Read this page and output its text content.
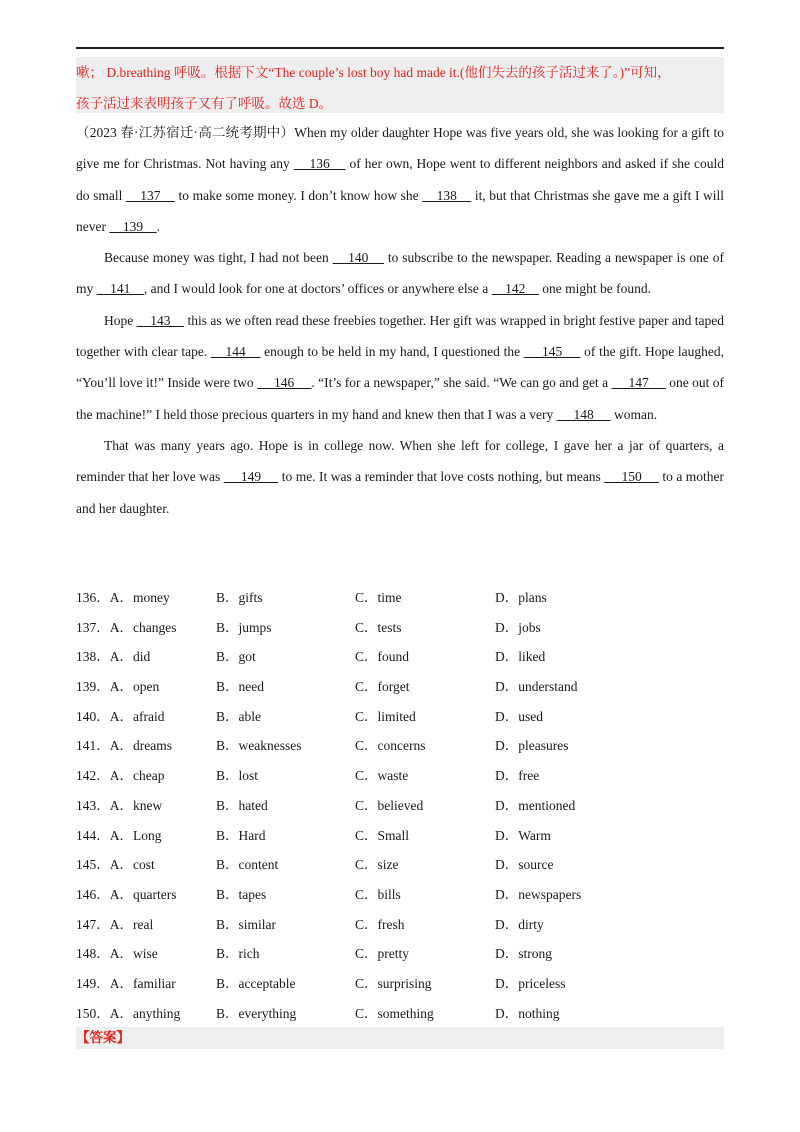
嗽； D.breathing 呼吸。根据下文“The couple’s lost boy had made it.(他们失去的孩子活过来了。)”可知，

孩子活过来表明孩子又有了呼吸。故选 D。

（2023 春·江苏宿迁·高二统考期中）When my older daughter Hope was five years old, she was looking for a gift to give me for Christmas. Not having any     136     of her own, Hope went to different neighbors and asked if she could do small     137     to make some money. I don’t know how she     138     it, but that Christmas she gave me a gift I will never     139    .

Because money was tight, I had not been     140     to subscribe to the newspaper. Reading a newspaper is one of my     141    , and I would look for one at doctors’ offices or anywhere else a     142     one might be found.

Hope     143     this as we often read these freebies together. Her gift was wrapped in bright festive paper and taped together with clear tape.     144     enough to be held in my hand, I questioned the      145      of the gift. Hope laughed, “You’ll love it!” Inside were two      146     . “It’s for a newspaper,” she said. “We can go and get a      147      one out of the machine!” I held those precious quarters in my hand and knew then that I was a very      148      woman.

That was many years ago. Hope is in college now. When she left for college, I gave her a jar of quarters, a reminder that her love was      149      to me. It was a reminder that love costs nothing, but means      150      to a mother and her daughter.

136．A．money	B．gifts	C．time	D．plans
137．A．changes	B．jumps	C．tests	D．jobs
138．A．did	B．got	C．found	D．liked
139．A．open	B．need	C．forget	D．understand
140．A．afraid	B．able	C．limited	D．used
141．A．dreams	B．weaknesses	C．concerns	D．pleasures
142．A．cheap	B．lost	C．waste	D．free
143．A．knew	B．hated	C．believed	D．mentioned
144．A．Long	B．Hard	C．Small	D．Warm
145．A．cost	B．content	C．size	D．source
146．A．quarters	B．tapes	C．bills	D．newspapers
147．A．real	B．similar	C．fresh	D．dirty
148．A．wise	B．rich	C．pretty	D．strong
149．A．familiar	B．acceptable	C．surprising	D．priceless
150．A．anything	B．everything	C．something	D．nothing
【答案】
